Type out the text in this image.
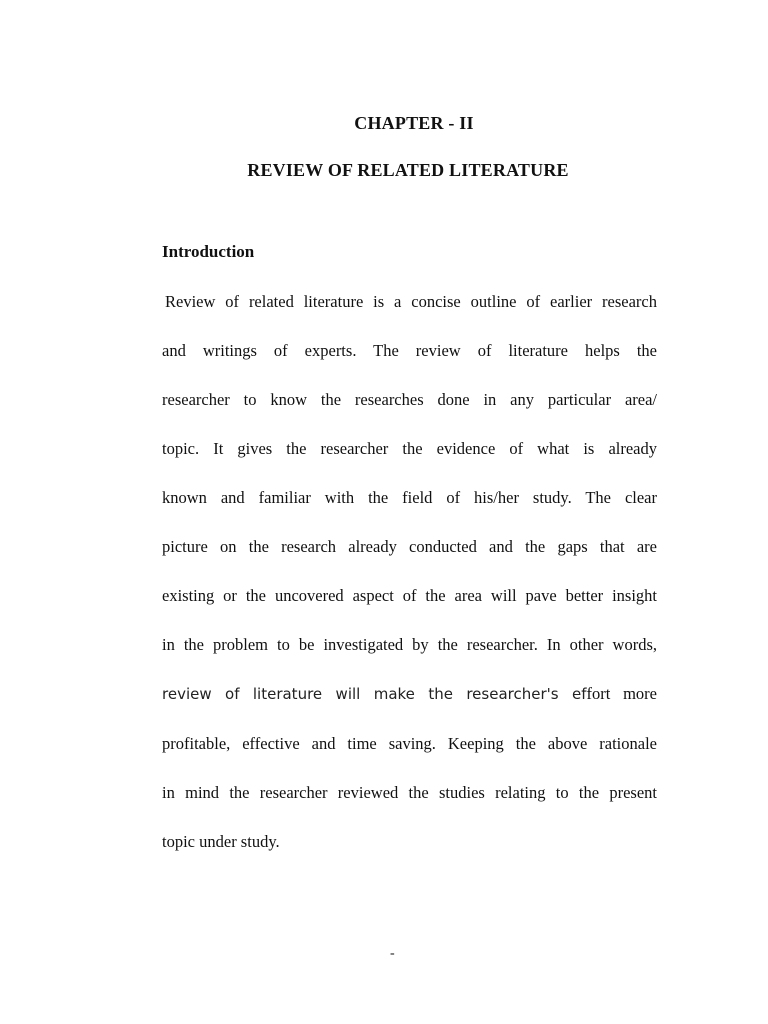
CHAPTER - II
REVIEW OF RELATED LITERATURE
Introduction
Review of related literature is a concise outline of earlier research
and writings of experts. The review of literature helps the
researcher to know the researches done in any particular area/
topic. It gives the researcher the evidence of what is already
known and familiar with the field of his/her study. The clear
picture on the research already conducted and the gaps that are
existing or the uncovered aspect of the area will pave better insight
in the problem to be investigated by the researcher. In other words,
review of literature will make the researcher's effort more
profitable, effective and time saving. Keeping the above rationale
in mind the researcher reviewed the studies relating to the present
topic under study.
-
